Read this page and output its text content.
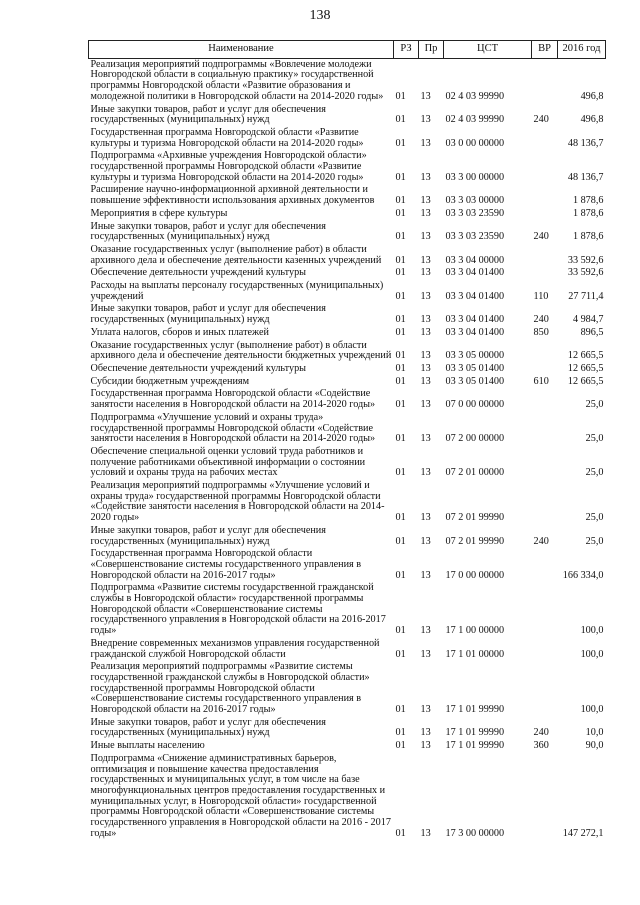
138
Наименование	РЗ	Пр	ЦСТ	ВР	2016 год
Реализация мероприятий подпрограммы «Вовлечение молодежи Новгородской области в социальную практику» государственной программы Новгородской области «Развитие образования и молодежной политики в Новгородской области на 2014-2020 годы»	01	13	02 4 03 99990		496,8
Иные закупки товаров, работ и услуг для обеспечения государственных (муниципальных) нужд	01	13	02 4 03 99990	240	496,8
Государственная программа Новгородской области «Развитие культуры и туризма Новгородской области на 2014-2020 годы»	01	13	03 0 00 00000		48 136,7
Подпрограмма «Архивные учреждения Новгородской области» государственной программы Новгородской области «Развитие культуры и туризма Новгородской области на 2014-2020 годы»	01	13	03 3 00 00000		48 136,7
Расширение научно-информационной архивной деятельности и повышение эффективности использования архивных документов	01	13	03 3 03 00000		1 878,6
Мероприятия в сфере культуры	01	13	03 3 03 23590		1 878,6
Иные закупки товаров, работ и услуг для обеспечения государственных (муниципальных) нужд	01	13	03 3 03 23590	240	1 878,6
Оказание государственных услуг (выполнение работ) в области архивного дела и обеспечение деятельности казенных учреждений	01	13	03 3 04 00000		33 592,6
Обеспечение деятельности учреждений культуры	01	13	03 3 04 01400		33 592,6
Расходы на выплаты персоналу государственных (муниципальных) учреждений	01	13	03 3 04 01400	110	27 711,4
Иные закупки товаров, работ и услуг для обеспечения государственных (муниципальных) нужд	01	13	03 3 04 01400	240	4 984,7
Уплата налогов, сборов и иных платежей	01	13	03 3 04 01400	850	896,5
Оказание государственных услуг (выполнение работ) в области архивного дела и обеспечение деятельности бюджетных учреждений	01	13	03 3 05 00000		12 665,5
Обеспечение деятельности учреждений культуры	01	13	03 3 05 01400		12 665,5
Субсидии бюджетным учреждениям	01	13	03 3 05 01400	610	12 665,5
Государственная программа Новгородской области «Содействие занятости населения в Новгородской области на 2014-2020 годы»	01	13	07 0 00 00000		25,0
Подпрограмма «Улучшение условий и охраны труда» государственной программы Новгородской области «Содействие занятости населения в Новгородской области на 2014-2020 годы»	01	13	07 2 00 00000		25,0
Обеспечение специальной оценки условий труда работников и получение работниками объективной информации о состоянии условий и охраны труда на рабочих местах	01	13	07 2 01 00000		25,0
Реализация мероприятий подпрограммы «Улучшение условий и охраны труда» государственной программы Новгородской области «Содействие занятости населения в Новгородской области на 2014-2020 годы»	01	13	07 2 01 99990		25,0
Иные закупки товаров, работ и услуг для обеспечения государственных (муниципальных) нужд	01	13	07 2 01 99990	240	25,0
Государственная программа Новгородской области «Совершенствование системы государственного управления в Новгородской области на 2016-2017 годы»	01	13	17 0 00 00000		166 334,0
Подпрограмма «Развитие системы государственной гражданской службы в Новгородской области» государственной программы Новгородской области «Совершенствование системы государственного управления в Новгородской области на 2016-2017 годы»	01	13	17 1 00 00000		100,0
Внедрение современных механизмов управления государственной гражданской службой Новгородской области	01	13	17 1 01 00000		100,0
Реализация мероприятий подпрограммы «Развитие системы государственной гражданской службы в Новгородской области» государственной программы Новгородской области «Совершенствование системы государственного управления в Новгородской области на 2016-2017 годы»	01	13	17 1 01 99990		100,0
Иные закупки товаров, работ и услуг для обеспечения государственных (муниципальных) нужд	01	13	17 1 01 99990	240	10,0
Иные выплаты населению	01	13	17 1 01 99990	360	90,0
Подпрограмма «Снижение административных барьеров, оптимизация и повышение качества предоставления государственных и муниципальных услуг, в том числе на базе многофункциональных центров предоставления государственных и муниципальных услуг, в Новгородской области» государственной программы Новгородской области «Совершенствование системы государственного управления в Новгородской области на 2016 - 2017 годы»	01	13	17 3 00 00000		147 272,1
